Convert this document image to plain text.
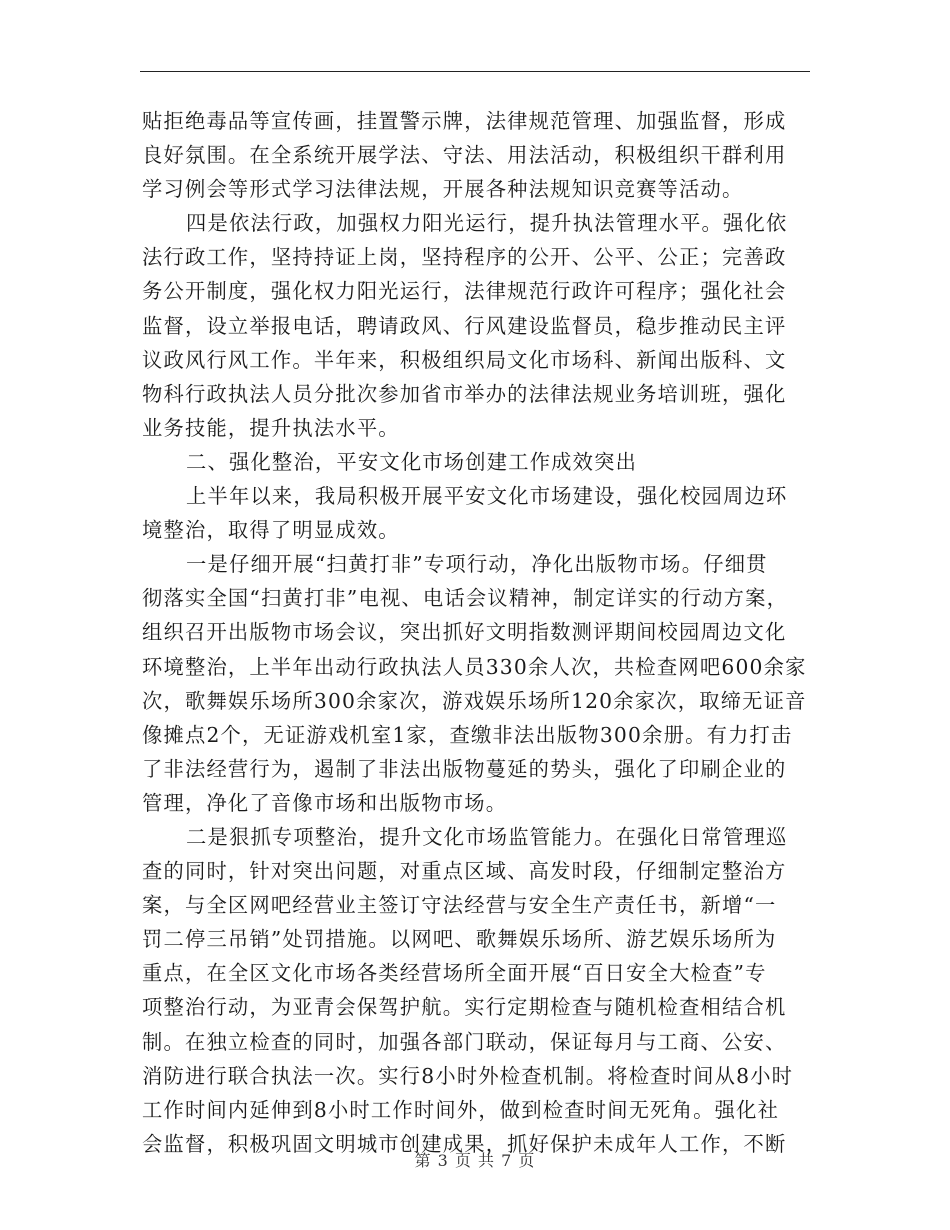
贴拒绝毒品等宣传画，挂置警示牌，法律规范管理、加强监督，形成
良好氛围。在全系统开展学法、守法、用法活动，积极组织干群利用
学习例会等形式学习法律法规，开展各种法规知识竞赛等活动。
四是依法行政，加强权力阳光运行，提升执法管理水平。强化依
法行政工作，坚持持证上岗，坚持程序的公开、公平、公正；完善政
务公开制度，强化权力阳光运行，法律规范行政许可程序；强化社会
监督，设立举报电话，聘请政风、行风建设监督员，稳步推动民主评
议政风行风工作。半年来，积极组织局文化市场科、新闻出版科、文
物科行政执法人员分批次参加省市举办的法律法规业务培训班，强化
业务技能，提升执法水平。
二、强化整治，平安文化市场创建工作成效突出
上半年以来，我局积极开展平安文化市场建设，强化校园周边环
境整治，取得了明显成效。
一是仔细开展“扫黄打非”专项行动，净化出版物市场。仔细贯
彻落实全国“扫黄打非”电视、电话会议精神，制定详实的行动方案，
组织召开出版物市场会议，突出抓好文明指数测评期间校园周边文化
环境整治，上半年出动行政执法人员330余人次，共检查网吧600余家
次，歌舞娱乐场所300余家次，游戏娱乐场所120余家次，取缔无证音
像摊点2个，无证游戏机室1家，查缴非法出版物300余册。有力打击
了非法经营行为，遏制了非法出版物蔓延的势头，强化了印刷企业的
管理，净化了音像市场和出版物市场。
二是狠抓专项整治，提升文化市场监管能力。在强化日常管理巡
查的同时，针对突出问题，对重点区域、高发时段，仔细制定整治方
案，与全区网吧经营业主签订守法经营与安全生产责任书，新增“一
罚二停三吊销”处罚措施。以网吧、歌舞娱乐场所、游艺娱乐场所为
重点，在全区文化市场各类经营场所全面开展“百日安全大检查”专
项整治行动，为亚青会保驾护航。实行定期检查与随机检查相结合机
制。在独立检查的同时，加强各部门联动，保证每月与工商、公安、
消防进行联合执法一次。实行8小时外检查机制。将检查时间从8小时
工作时间内延伸到8小时工作时间外，做到检查时间无死角。强化社
会监督，积极巩固文明城市创建成果，抓好保护未成年人工作，不断
第 3 页 共 7 页
